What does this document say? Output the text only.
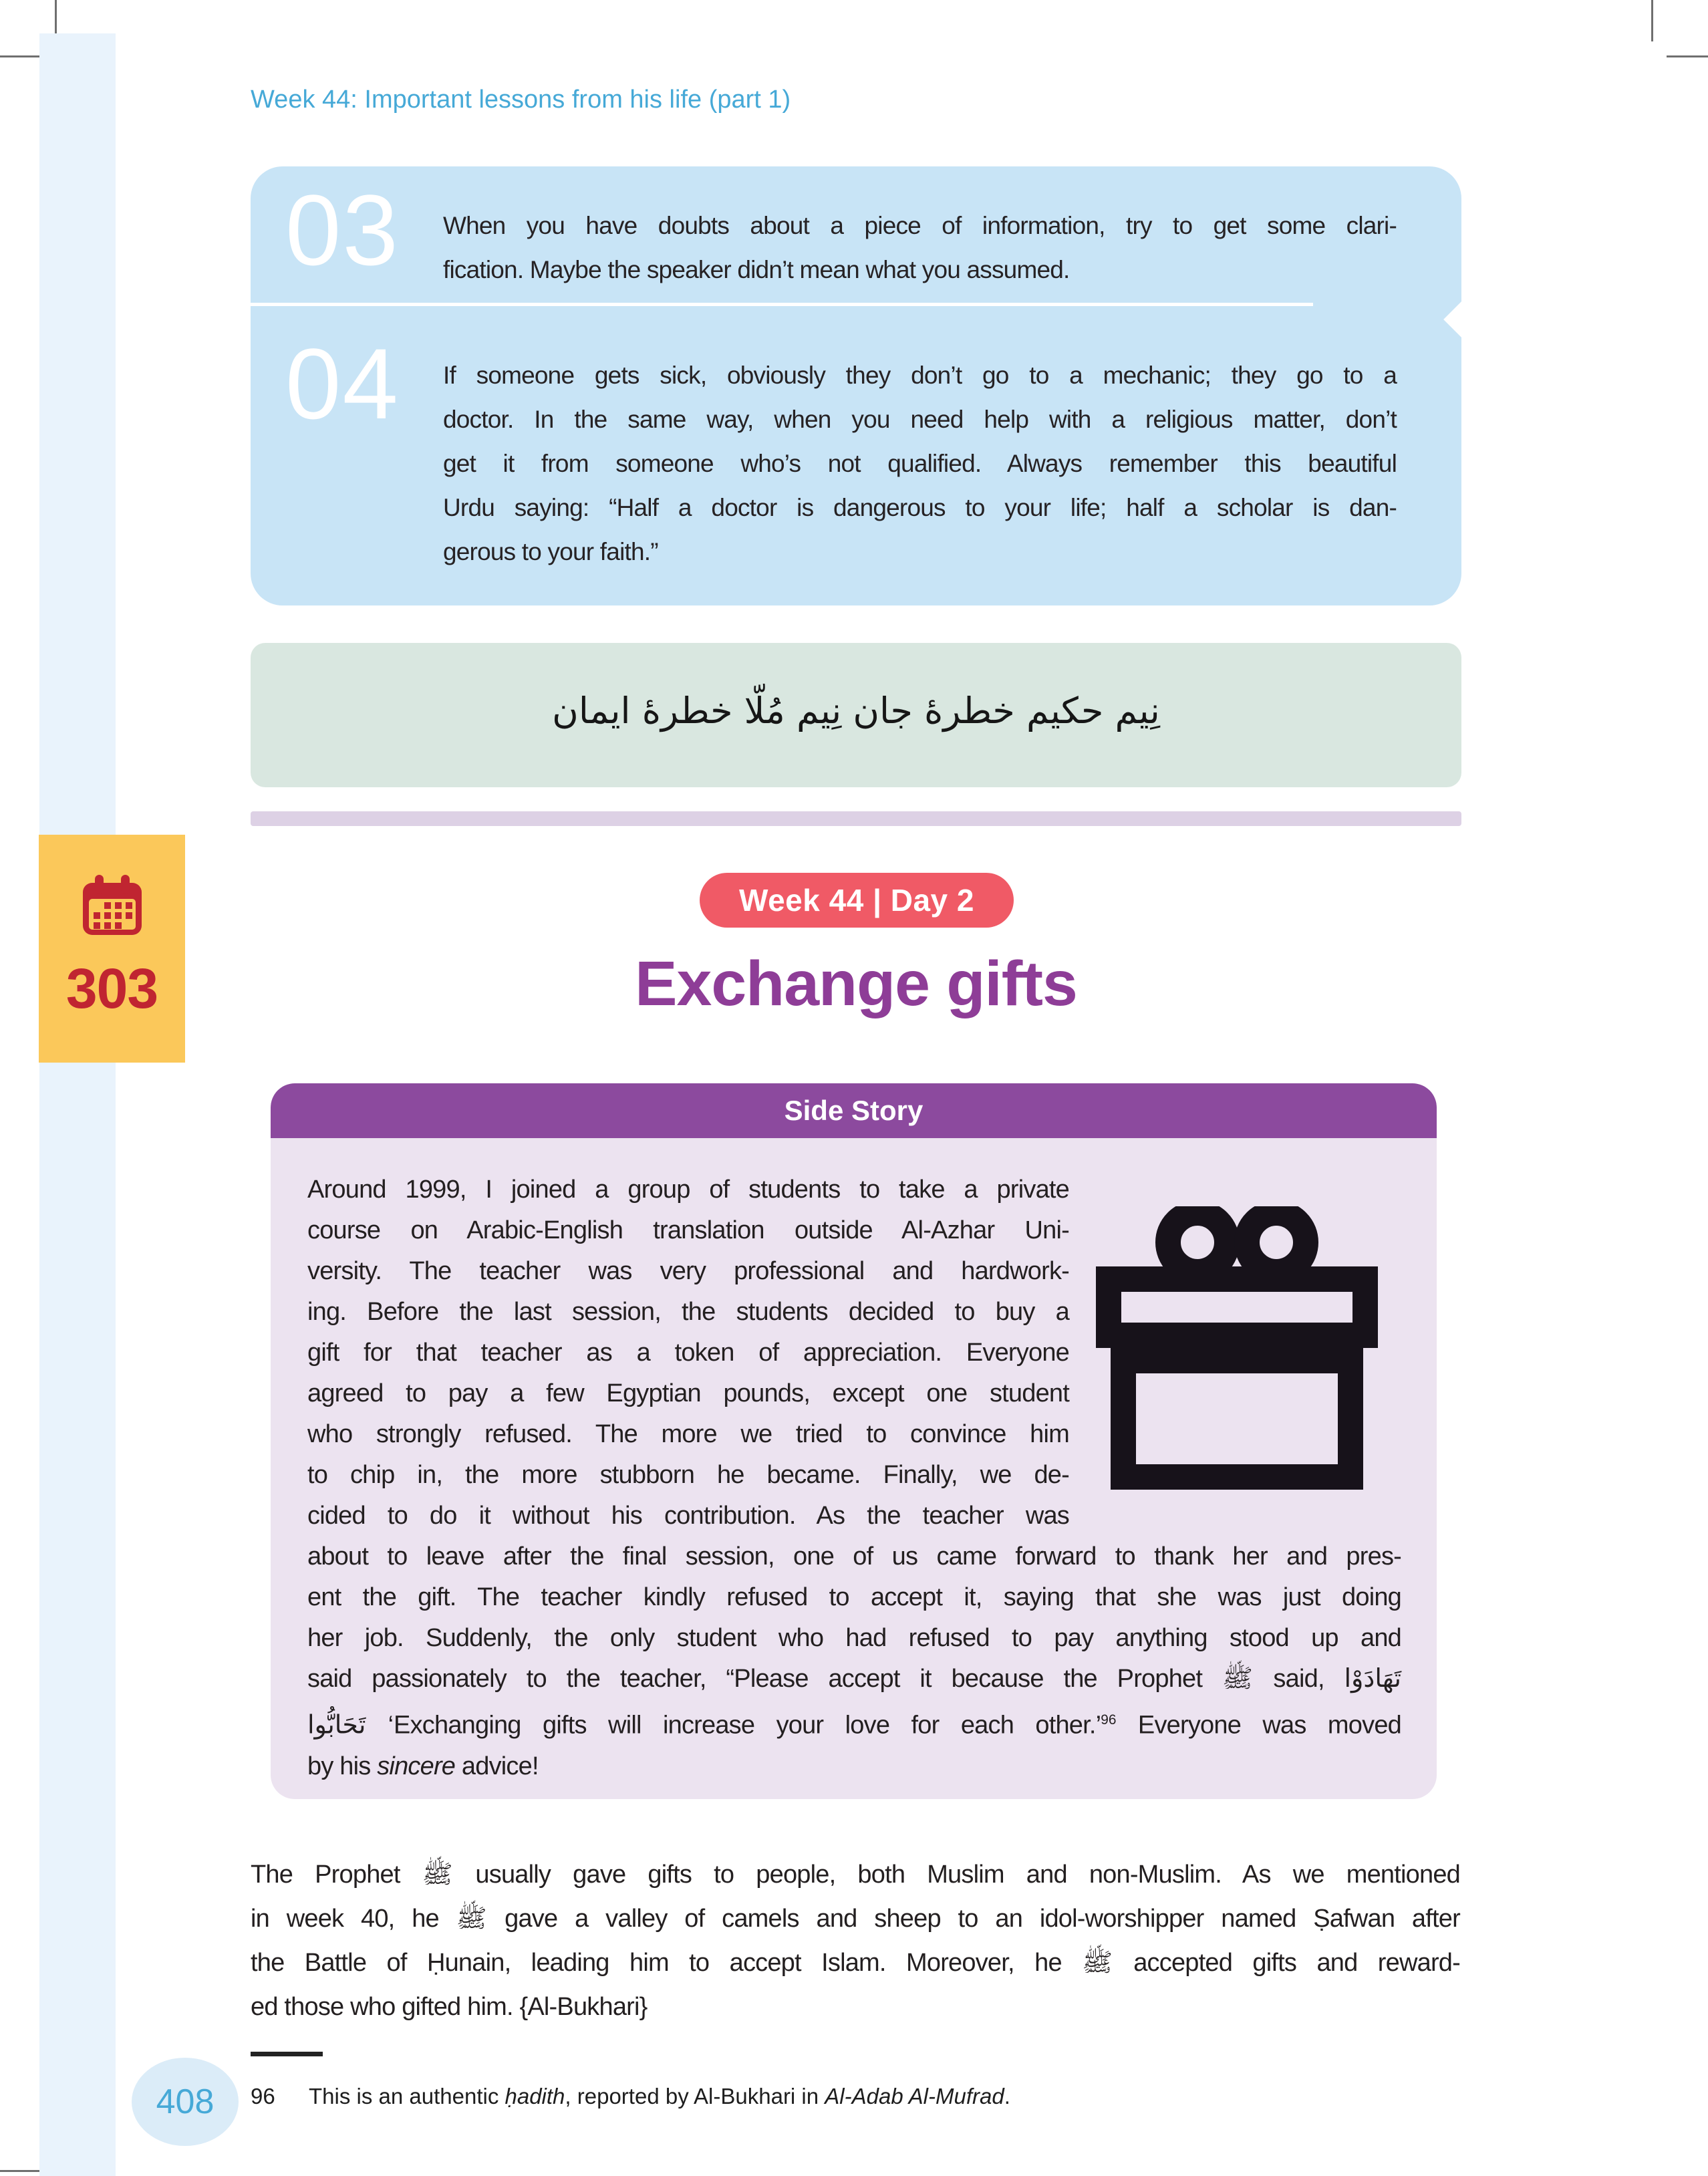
303
Week 44: Important lessons from his life (part 1)
03	When you have doubts about a piece of information, try to get some clari-
fication. Maybe the speaker didn’t mean what you assumed.
04	If someone gets sick, obviously they don’t go to a mechanic; they go to a
doctor. In the same way, when you need help with a religious matter, don’t
get it from someone who’s not qualified. Always remember this beautiful
Urdu saying: “Half a doctor is dangerous to your life; half a scholar is dan-
gerous to your faith.”
نِيم حکيم خطرهٔ جان نِيم مُلّا خطرهٔ ايمان
Week 44 | Day 2
Exchange gifts
Side Story
Around 1999, I joined a group of students to take a private
course on Arabic-English translation outside Al-Azhar Uni-
versity. The teacher was very professional and hardwork-
ing. Before the last session, the students decided to buy a
gift for that teacher as a token of appreciation. Everyone
agreed to pay a few Egyptian pounds, except one student
who strongly refused. The more we tried to convince him
to chip in, the more stubborn he became. Finally, we de-
cided to do it without his contribution. As the teacher was
about to leave after the final session, one of us came forward to thank her and pres-
ent the gift. The teacher kindly refused to accept it, saying that she was just doing
her job. Suddenly, the only student who had refused to pay anything stood up and
said passionately to the teacher, “Please accept it because the Prophet ﷺ said, تَهَادَوْا
تَحَابُّوا ‘Exchanging gifts will increase your love for each other.’$^{96}$ Everyone was moved
by his sincere advice!
The Prophet ﷺ usually gave gifts to people, both Muslim and non-Muslim. As we mentioned
in week 40, he ﷺ gave a valley of camels and sheep to an idol-worshipper named Ṣafwan after
the Battle of Ḥunain, leading him to accept Islam. Moreover, he ﷺ accepted gifts and reward-
ed those who gifted him. {Al-Bukhari}
96 This is an authentic ḥadith, reported by Al-Bukhari in Al-Adab Al-Mufrad.
408
